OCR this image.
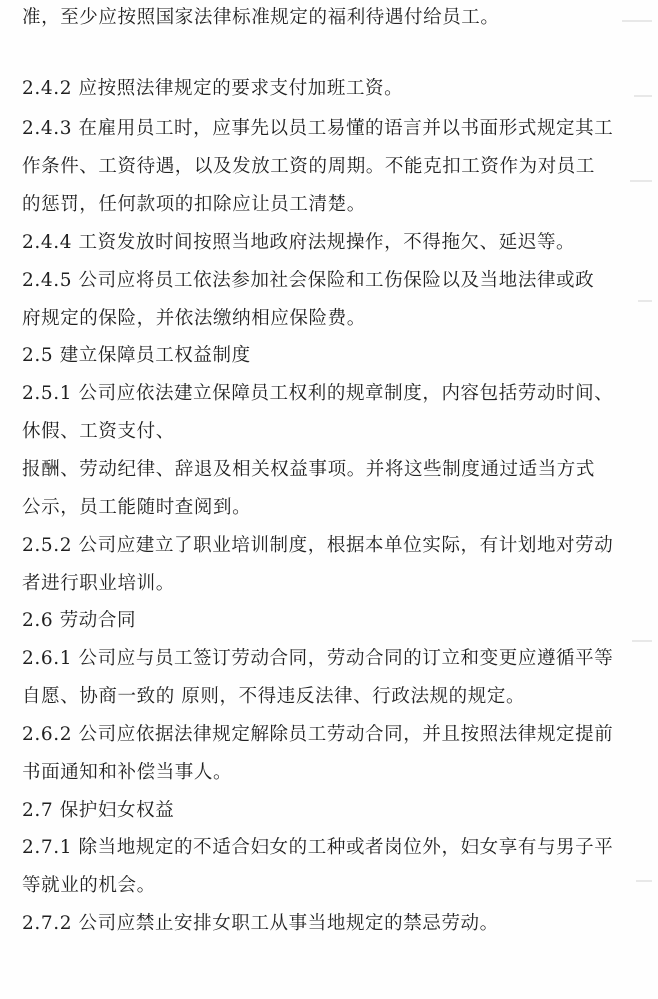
准，至少应按照国家法律标准规定的福利待遇付给员工。
2.4.2 应按照法律规定的要求支付加班工资。
2.4.3 在雇用员工时，应事先以员工易懂的语言并以书面形式规定其工
作条件、工资待遇，以及发放工资的周期。不能克扣工资作为对员工
的惩罚，任何款项的扣除应让员工清楚。
2.4.4 工资发放时间按照当地政府法规操作，不得拖欠、延迟等。
2.4.5 公司应将员工依法参加社会保险和工伤保险以及当地法律或政
府规定的保险，并依法缴纳相应保险费。
2.5 建立保障员工权益制度
2.5.1 公司应依法建立保障员工权利的规章制度，内容包括劳动时间、
休假、工资支付、
报酬、劳动纪律、辞退及相关权益事项。并将这些制度通过适当方式
公示，员工能随时查阅到。
2.5.2 公司应建立了职业培训制度，根据本单位实际，有计划地对劳动
者进行职业培训。
2.6 劳动合同
2.6.1 公司应与员工签订劳动合同，劳动合同的订立和变更应遵循平等
自愿、协商一致的 原则，不得违反法律、行政法规的规定。
2.6.2 公司应依据法律规定解除员工劳动合同，并且按照法律规定提前
书面通知和补偿当事人。
2.7 保护妇女权益
2.7.1 除当地规定的不适合妇女的工种或者岗位外，妇女享有与男子平
等就业的机会。
2.7.2 公司应禁止安排女职工从事当地规定的禁忌劳动。
